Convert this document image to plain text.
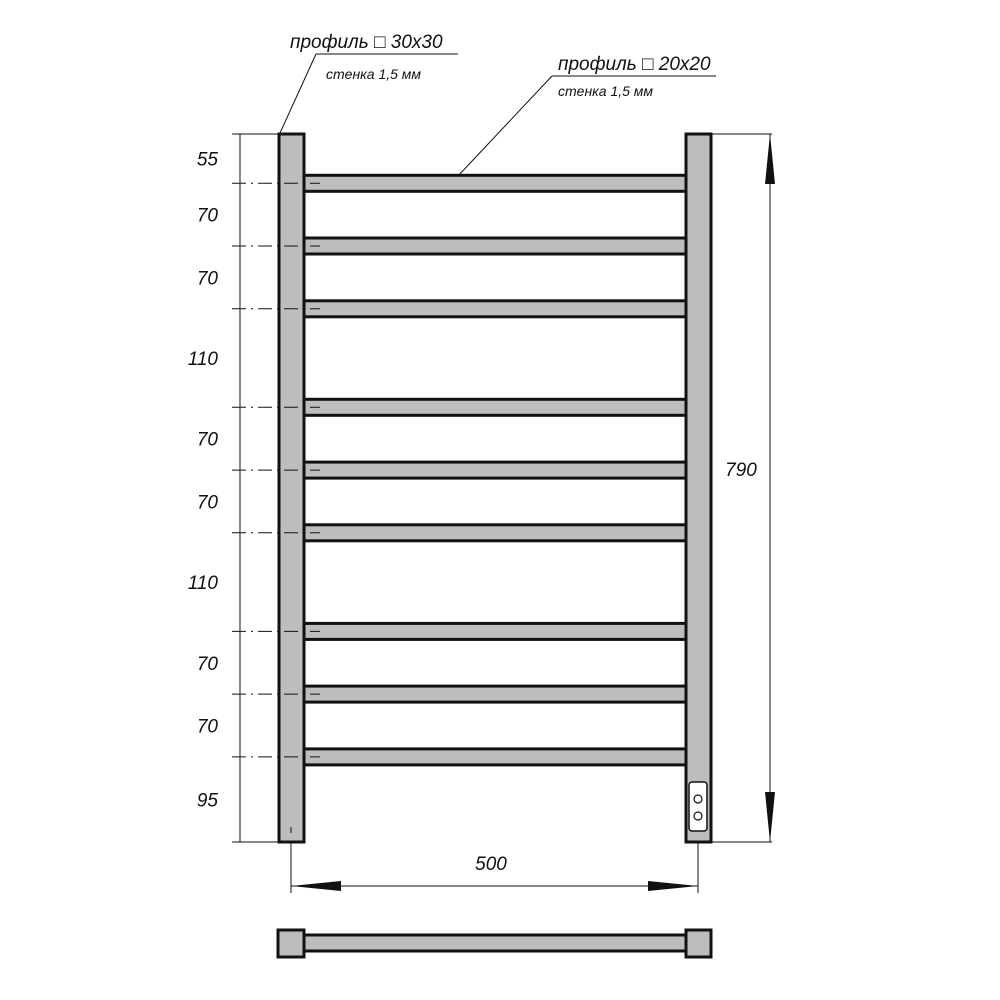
профиль □ 30х30
стенка 1,5 мм	профиль □ 20х20
стенка 1,5 мм
55
70
70
110
70
70
110
70
70
95
790
500
